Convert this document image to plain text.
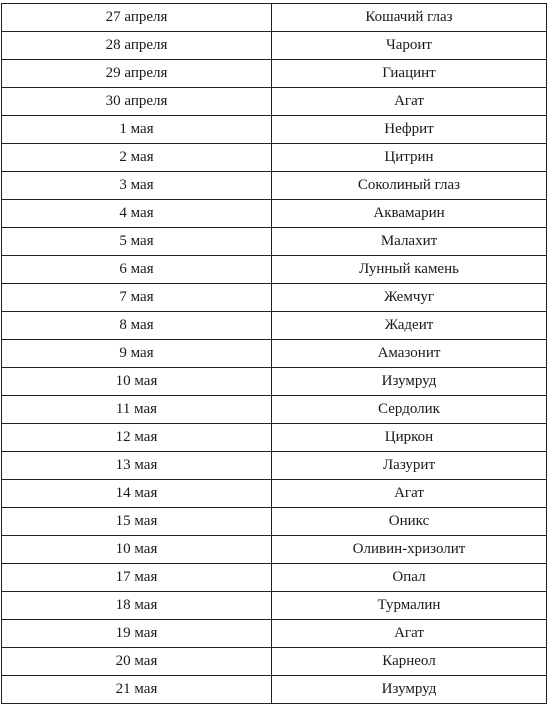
27 апреля	Кошачий глаз
28 апреля	Чароит
29 апреля	Гиацинт
30 апреля	Агат
1 мая	Нефрит
2 мая	Цитрин
3 мая	Соколиный глаз
4 мая	Аквамарин
5 мая	Малахит
6 мая	Лунный камень
7 мая	Жемчуг
8 мая	Жадеит
9 мая	Амазонит
10 мая	Изумруд
11 мая	Сердолик
12 мая	Циркон
13 мая	Лазурит
14 мая	Агат
15 мая	Оникс
10 мая	Оливин-хризолит
17 мая	Опал
18 мая	Турмалин
19 мая	Агат
20 мая	Карнеол
21 мая	Изумруд
